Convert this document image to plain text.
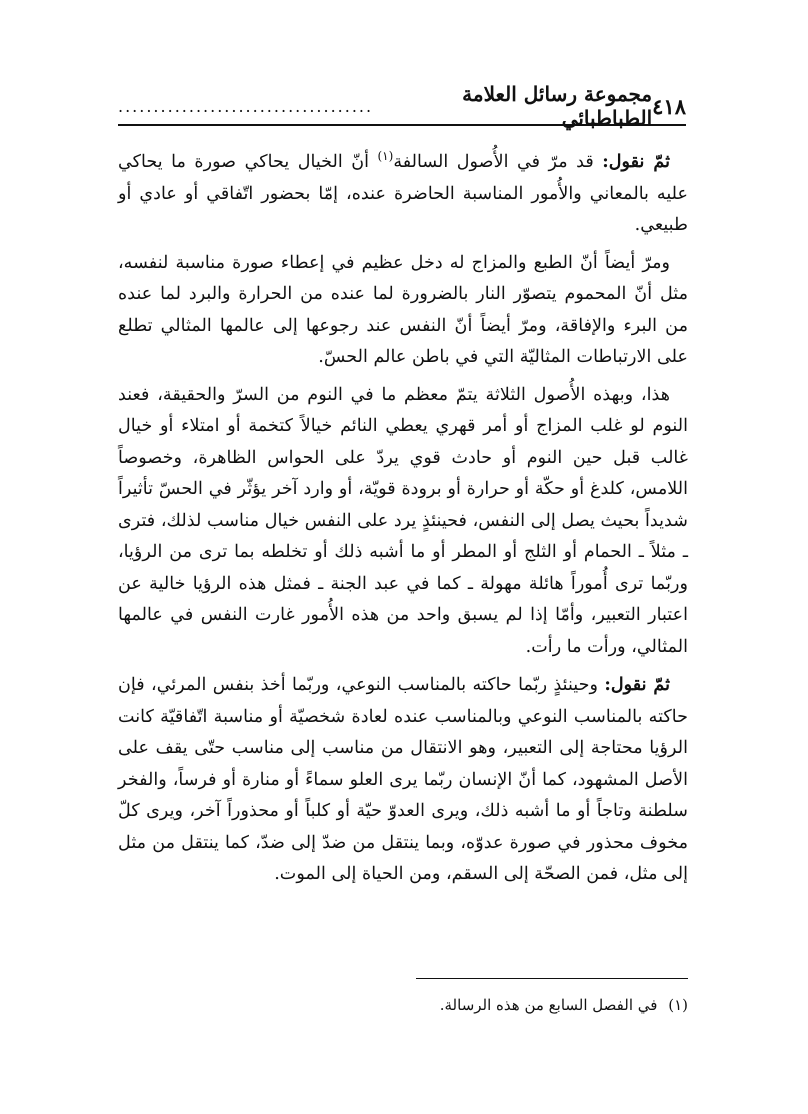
٤١٨
مجموعة رسائل العلامة الطباطبائي
....................................

ثمّ نقول: قد مرّ في الأُصول السالفة$^{(١)}$ أنّ الخيال يحاكي صورة ما يحاكي عليه بالمعاني والأُمور المناسبة الحاضرة عنده، إمّا بحضور اتّفاقي أو عادي أو طبيعي.

ومرّ أيضاً أنّ الطبع والمزاج له دخل عظيم في إعطاء صورة مناسبة لنفسه، مثل أنّ المحموم يتصوّر النار بالضرورة لما عنده من الحرارة والبرد لما عنده من البرء والإفاقة، ومرّ أيضاً أنّ النفس عند رجوعها إلى عالمها المثالي تطلع على الارتباطات المثاليّة التي في باطن عالم الحسّ.

هذا، وبهذه الأُصول الثلاثة يتمّ معظم ما في النوم من السرّ والحقيقة، فعند النوم لو غلب المزاج أو أمر قهري يعطي النائم خيالاً كتخمة أو امتلاء أو خيال غالب قبل حين النوم أو حادث قوي يردّ على الحواس الظاهرة، وخصوصاً اللامس، كلدغ أو حكّة أو حرارة أو برودة قويّة، أو وارد آخر يؤثّر في الحسّ تأثيراً شديداً بحيث يصل إلى النفس، فحينئذٍ يرد على النفس خيال مناسب لذلك، فترى ـ مثلاً ـ الحمام أو الثلج أو المطر أو ما أشبه ذلك أو تخلطه بما ترى من الرؤيا، وربّما ترى أُموراً هائلة مهولة ـ كما في عبد الجنة ـ فمثل هذه الرؤيا خالية عن اعتبار التعبير، وأمّا إذا لم يسبق واحد من هذه الأُمور غارت النفس في عالمها المثالي، ورأت ما رأت.

ثمّ نقول: وحينئذٍ ربّما حاكته بالمناسب النوعي، وربّما أخذ بنفس المرئي، فإن حاكته بالمناسب النوعي وبالمناسب عنده لعادة شخصيّة أو مناسبة اتّفاقيّة كانت الرؤيا محتاجة إلى التعبير، وهو الانتقال من مناسب إلى مناسب حتّى يقف على الأصل المشهود، كما أنّ الإنسان ربّما يرى العلو سماءً أو منارة أو فرساً، والفخر سلطنة وتاجاً أو ما أشبه ذلك، ويرى العدوّ حيّة أو كلباً أو محذوراً آخر، ويرى كلّ مخوف محذور في صورة عدوّه، وبما ينتقل من ضدّ إلى ضدّ، كما ينتقل من مثل إلى مثل، فمن الصحّة إلى السقم، ومن الحياة إلى الموت.

(١) في الفصل السابع من هذه الرسالة.
